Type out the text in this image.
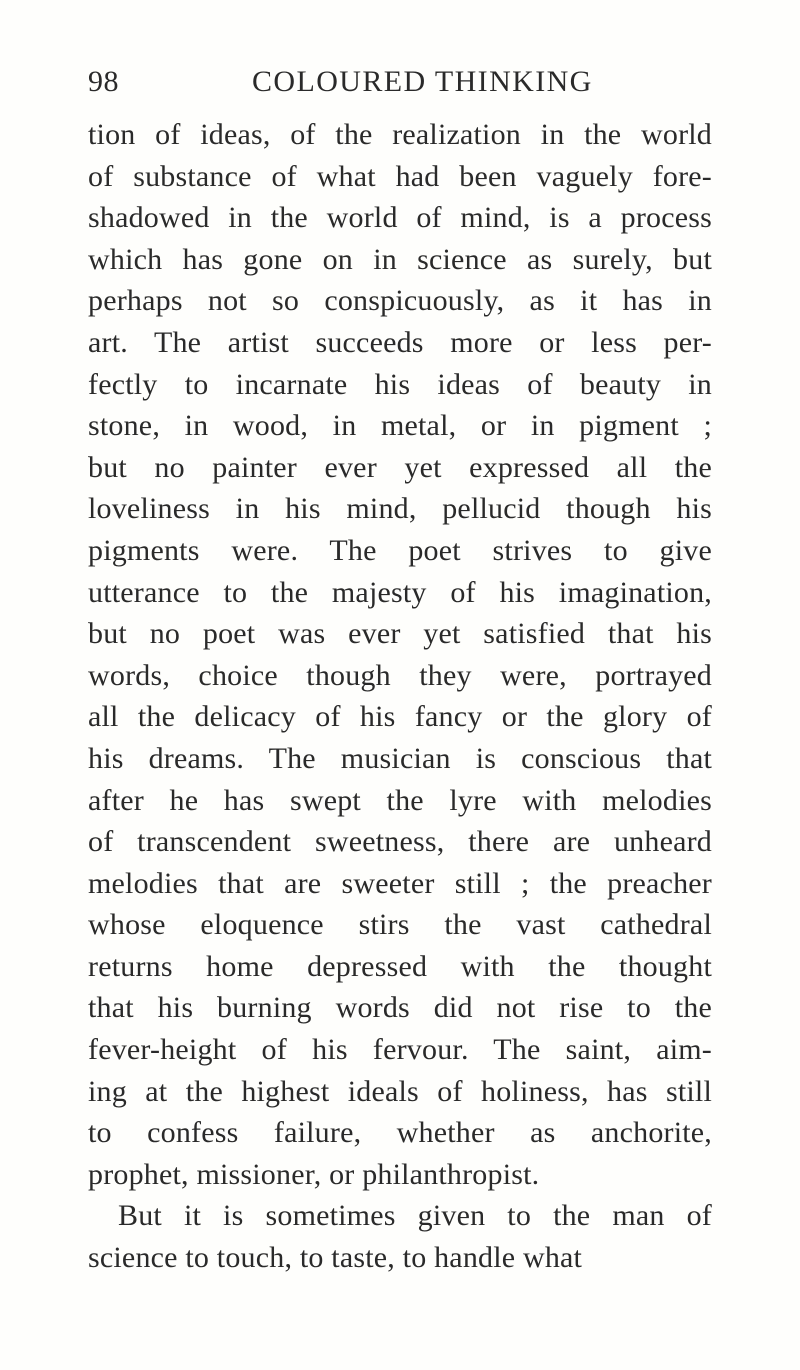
98	COLOURED THINKING
tion of ideas, of the realization in the world
of substance of what had been vaguely fore-
shadowed in the world of mind, is a process
which has gone on in science as surely, but
perhaps not so conspicuously, as it has in
art. The artist succeeds more or less per-
fectly to incarnate his ideas of beauty in
stone, in wood, in metal, or in pigment ;
but no painter ever yet expressed all the
loveliness in his mind, pellucid though his
pigments were. The poet strives to give
utterance to the majesty of his imagination,
but no poet was ever yet satisfied that his
words, choice though they were, portrayed
all the delicacy of his fancy or the glory of
his dreams. The musician is conscious that
after he has swept the lyre with melodies
of transcendent sweetness, there are unheard
melodies that are sweeter still ; the preacher
whose eloquence stirs the vast cathedral
returns home depressed with the thought
that his burning words did not rise to the
fever-height of his fervour. The saint, aim-
ing at the highest ideals of holiness, has still
to confess failure, whether as anchorite,
prophet, missioner, or philanthropist.
But it is sometimes given to the man of
science to touch, to taste, to handle what
